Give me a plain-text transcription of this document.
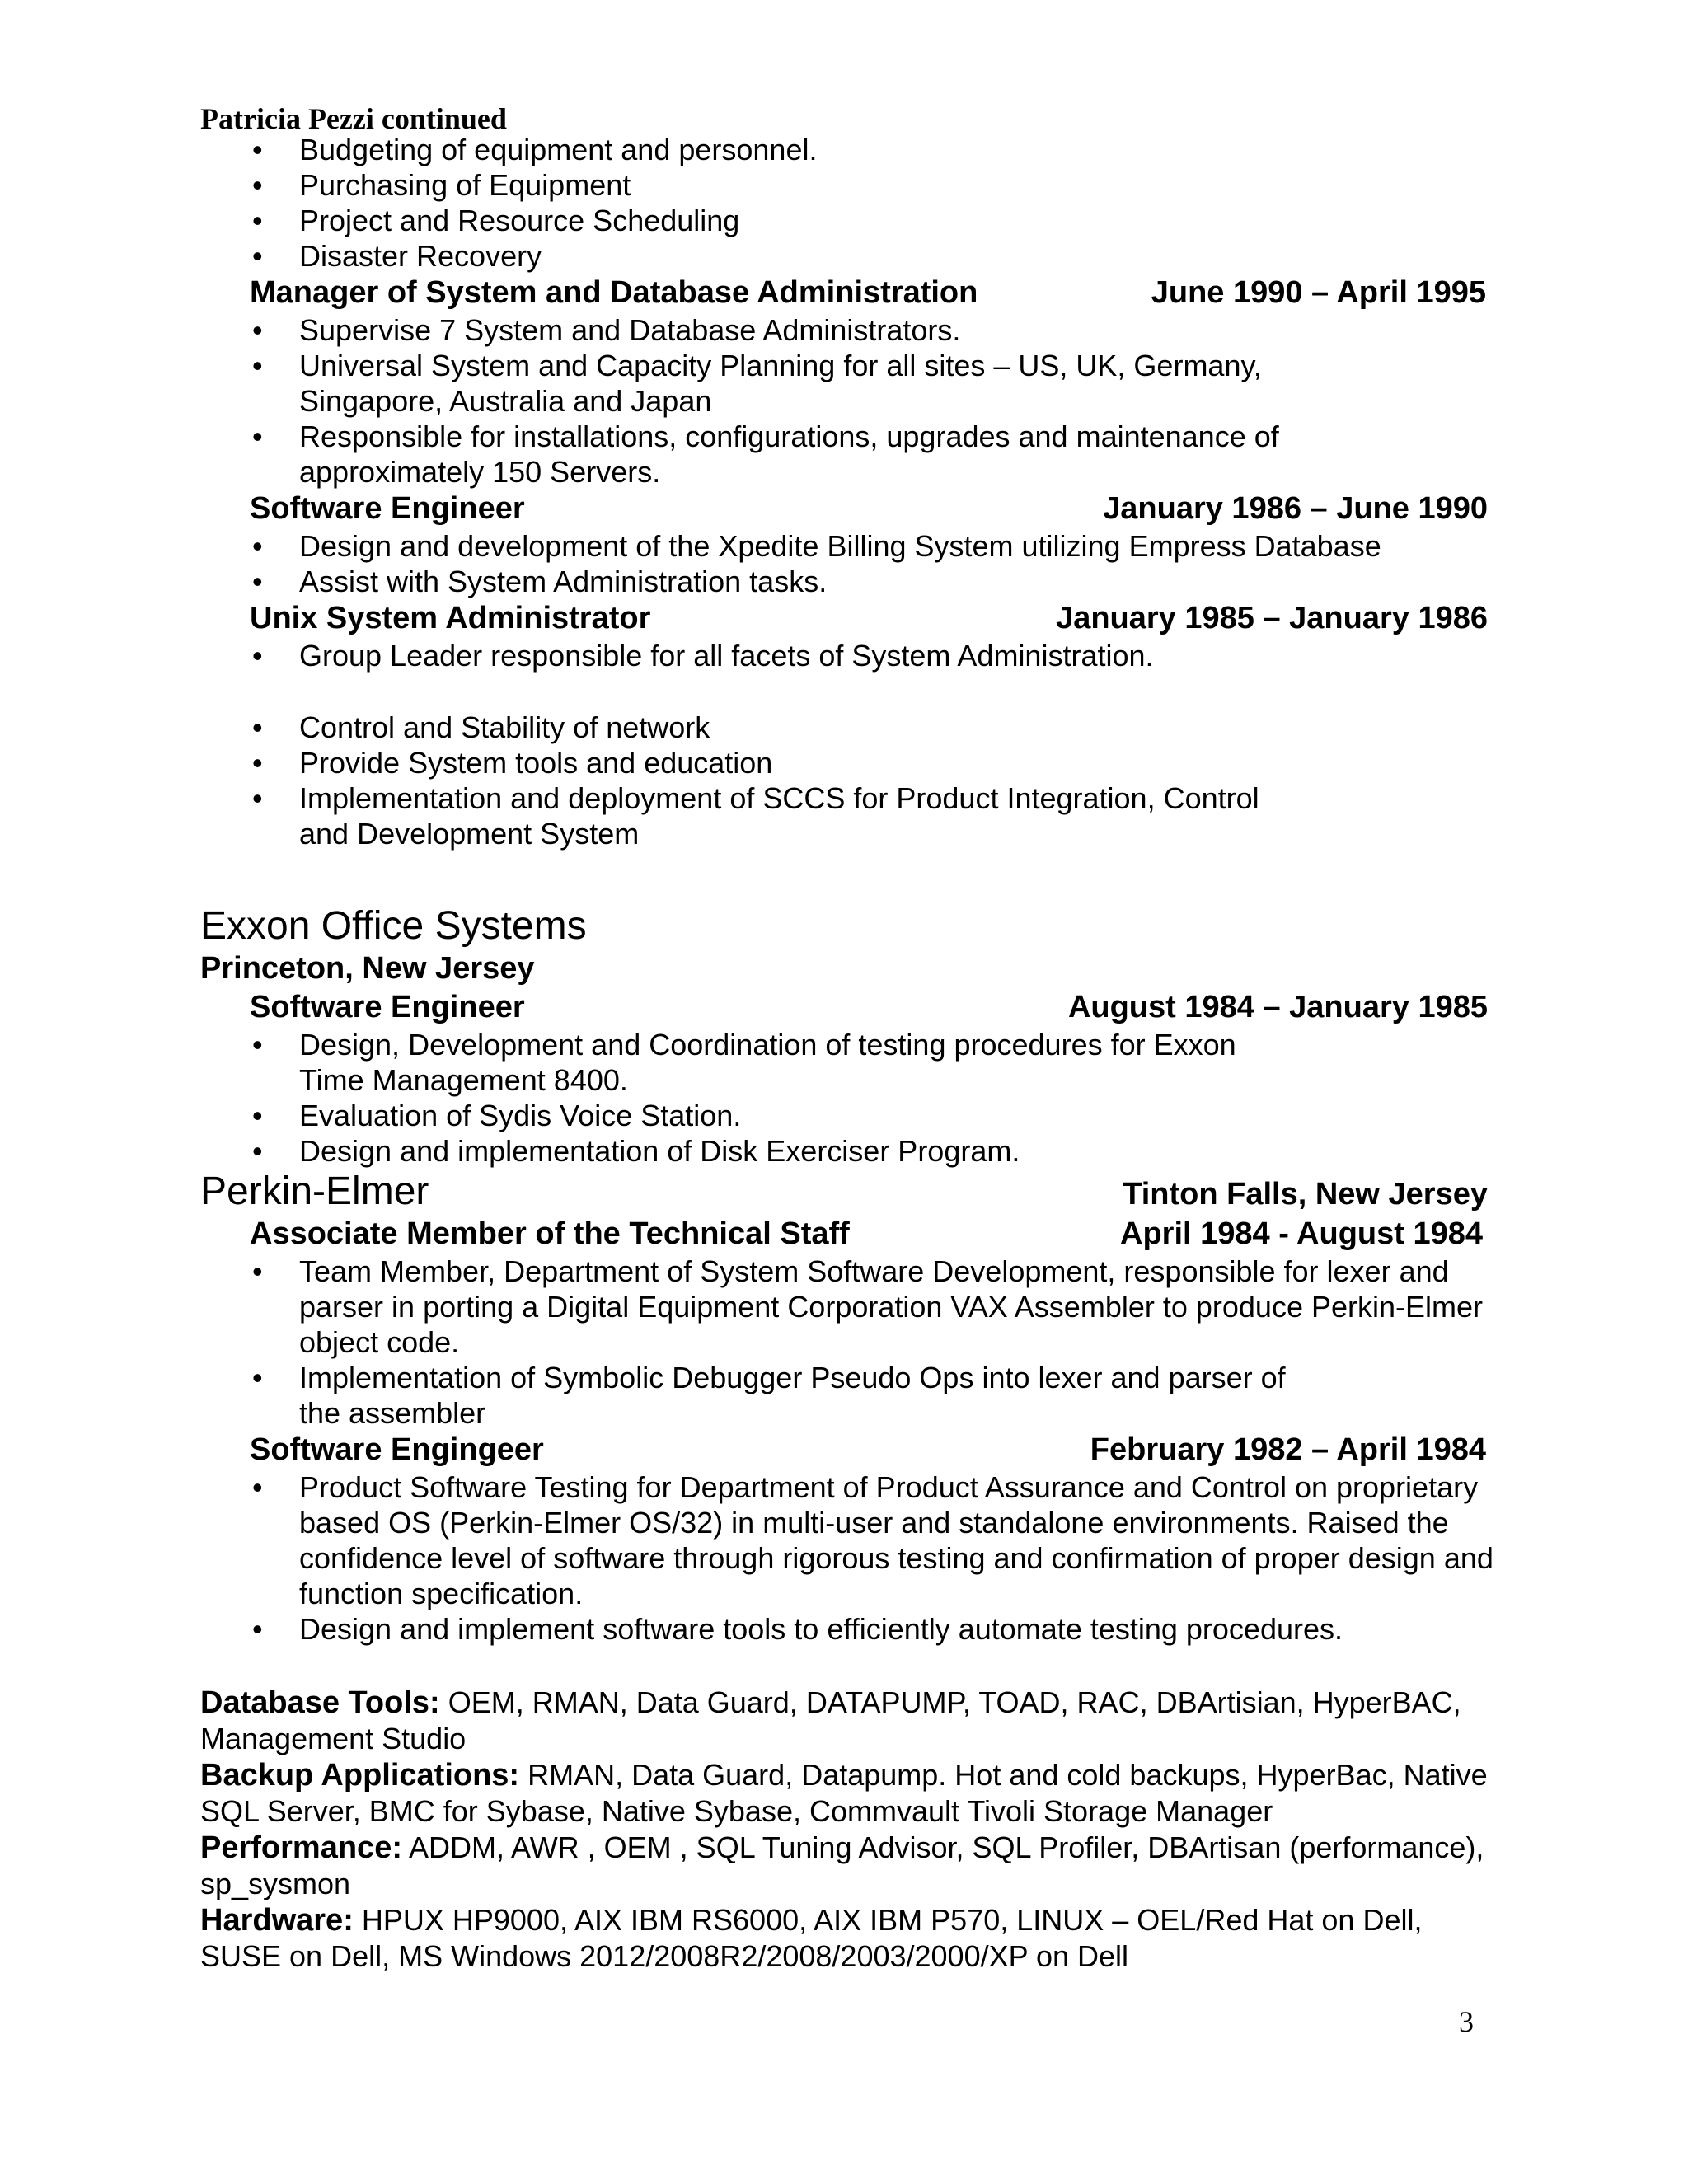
Patricia Pezzi continued
• Budgeting of equipment and personnel.
• Purchasing of Equipment
• Project and Resource Scheduling
• Disaster Recovery
Manager of System and Database Administration	June 1990 – April 1995
• Supervise 7 System and Database Administrators.
• Universal System and Capacity Planning for all sites – US, UK, Germany, Singapore, Australia and Japan
• Responsible for installations, configurations, upgrades and maintenance of approximately 150 Servers.
Software Engineer	January 1986 – June 1990
• Design and development of the Xpedite Billing System utilizing Empress Database
• Assist with System Administration tasks.
Unix System Administrator	January 1985 – January 1986
• Group Leader responsible for all facets of System Administration.
• Control and Stability of network
• Provide System tools and education
• Implementation and deployment of SCCS for Product Integration, Control and Development System
Exxon Office Systems
Princeton, New Jersey
Software Engineer	August 1984 – January 1985
• Design, Development and Coordination of testing procedures for Exxon Time Management 8400.
• Evaluation of Sydis Voice Station.
• Design and implementation of Disk Exerciser Program.
Perkin-Elmer	Tinton Falls, New Jersey
Associate Member of the Technical Staff	April 1984 - August 1984
• Team Member, Department of System Software Development, responsible for lexer and parser in porting a Digital Equipment Corporation VAX Assembler to produce Perkin-Elmer object code.
• Implementation of Symbolic Debugger Pseudo Ops into lexer and parser of the assembler
Software Engingeer	February 1982 – April 1984
• Product Software Testing for Department of Product Assurance and Control on proprietary based OS (Perkin-Elmer OS/32) in multi-user and standalone environments. Raised the confidence level of software through rigorous testing and confirmation of proper design and function specification.
• Design and implement software tools to efficiently automate testing procedures.

Database Tools: OEM, RMAN, Data Guard, DATAPUMP, TOAD, RAC, DBArtisian, HyperBAC, Management Studio

Backup Applications: RMAN, Data Guard, Datapump. Hot and cold backups, HyperBac, Native SQL Server, BMC for Sybase, Native Sybase, Commvault Tivoli Storage Manager

Performance: ADDM, AWR , OEM , SQL Tuning Advisor, SQL Profiler, DBArtisan (performance), sp_sysmon

Hardware: HPUX HP9000, AIX IBM RS6000, AIX IBM P570, LINUX – OEL/Red Hat on Dell, SUSE on Dell, MS Windows 2012/2008R2/2008/2003/2000/XP on Dell

3
